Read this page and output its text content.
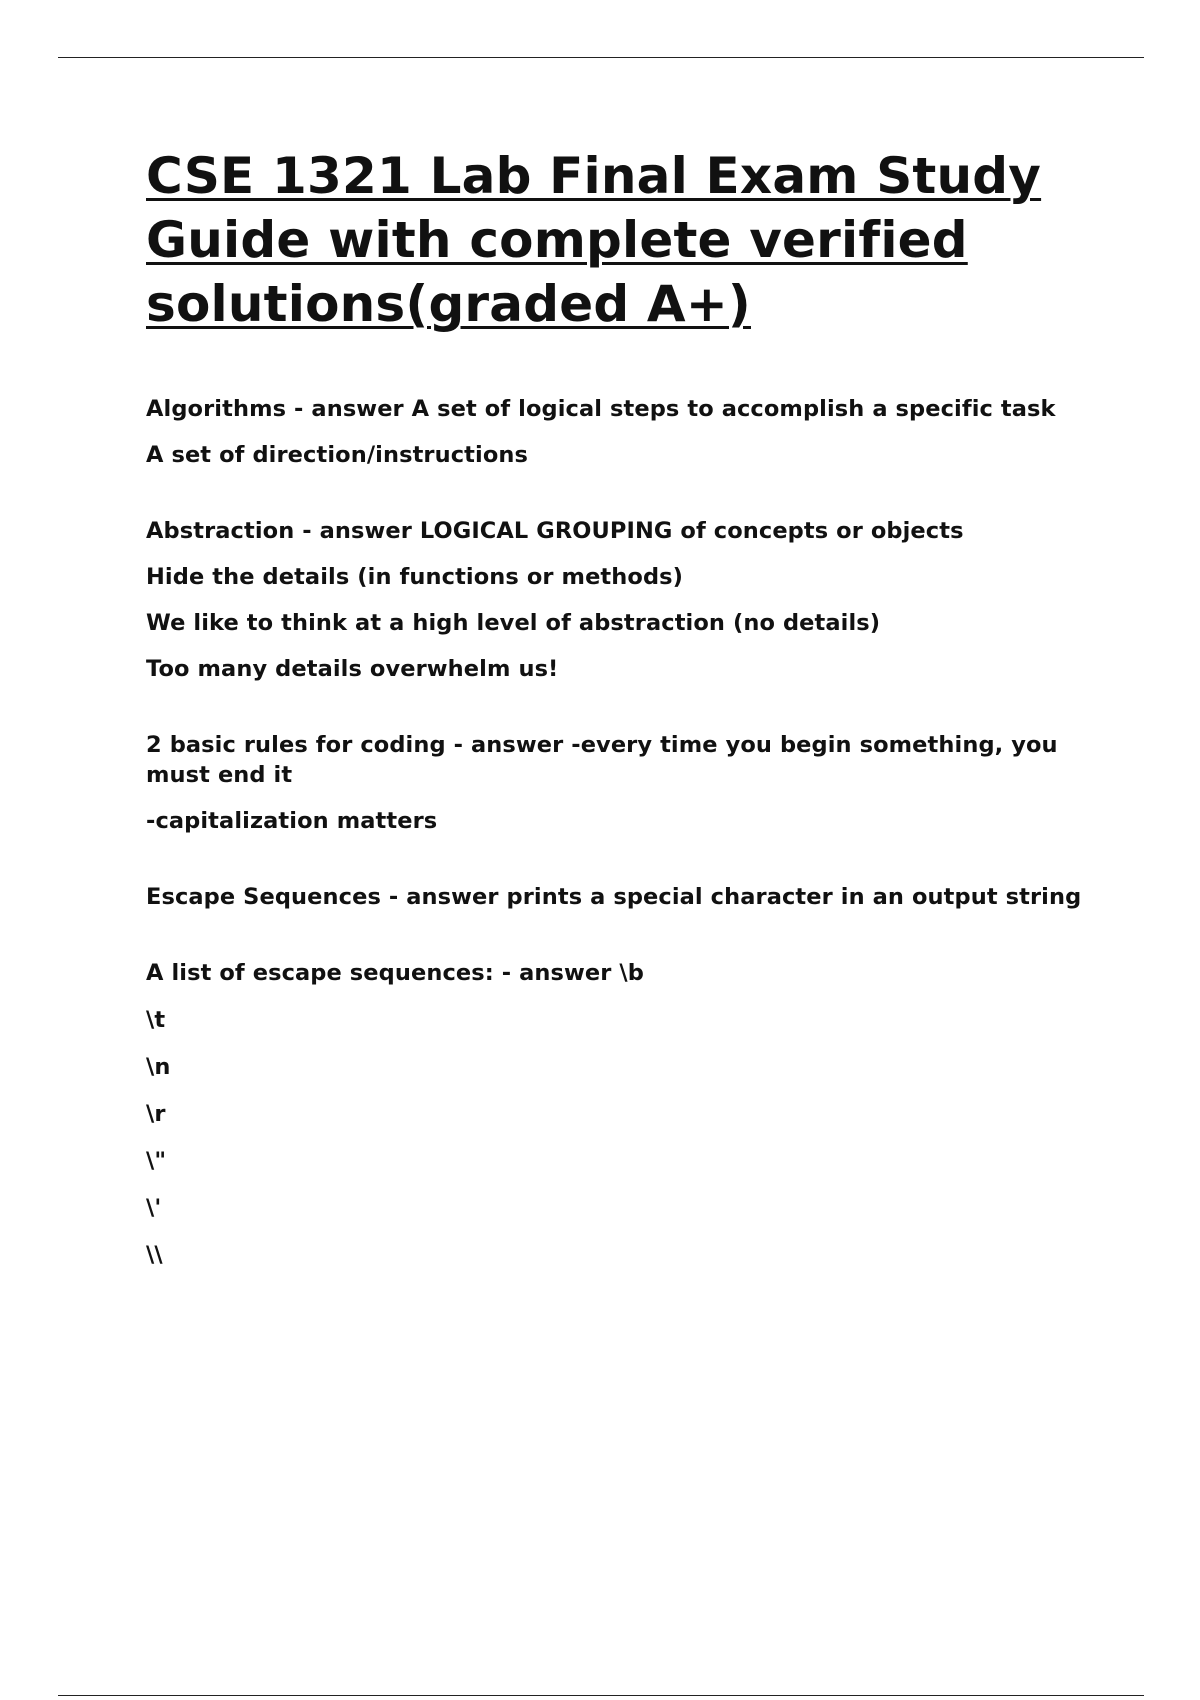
CSE 1321 Lab Final Exam Study Guide with complete verified solutions(graded A+)

Algorithms - answer A set of logical steps to accomplish a specific task

A set of direction/instructions

Abstraction - answer LOGICAL GROUPING of concepts or objects

Hide the details (in functions or methods)

We like to think at a high level of abstraction (no details)

Too many details overwhelm us!

2 basic rules for coding - answer -every time you begin something, you must end it

-capitalization matters

Escape Sequences - answer prints a special character in an output string

A list of escape sequences: - answer \b

\t

\n

\r

\"

\'

\\
